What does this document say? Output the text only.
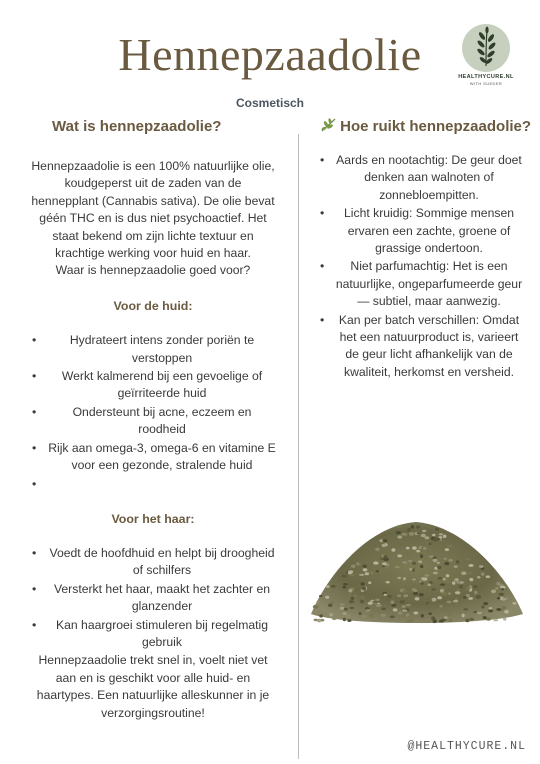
Hennepzaadolie	HEALTHYCURE.NL
WITH SUEDER
Cosmetisch
Wat is hennepzaadolie?	Hoe ruikt hennepzaadolie?

Hennepzaadolie is een 100% natuurlijke olie, koudgeperst uit de zaden van de hennepplant (Cannabis sativa). De olie bevat géén THC en is dus niet psychoactief. Het staat bekend om zijn lichte textuur en krachtige werking voor huid en haar.

Waar is hennepzaadolie goed voor?

Voor de huid:

• Hydrateert intens zonder poriën te verstoppen
• Werkt kalmerend bij een gevoelige of geïrriteerde huid
• Ondersteunt bij acne, eczeem en roodheid
• Rijk aan omega-3, omega-6 en vitamine E voor een gezonde, stralende huid
•

Voor het haar:

• Voedt de hoofdhuid en helpt bij droogheid of schilfers
• Versterkt het haar, maakt het zachter en glanzender
• Kan haargroei stimuleren bij regelmatig gebruik

Hennepzaadolie trekt snel in, voelt niet vet aan en is geschikt voor alle huid- en haartypes. Een natuurlijke alleskunner in je verzorgingsroutine!

• Aards en nootachtig: De geur doet denken aan walnoten of zonnebloempitten.
• Licht kruidig: Sommige mensen ervaren een zachte, groene of grassige ondertoon.
• Niet parfumachtig: Het is een natuurlijke, ongeparfumeerde geur — subtiel, maar aanwezig.
• Kan per batch verschillen: Omdat het een natuurproduct is, varieert de geur licht afhankelijk van de kwaliteit, herkomst en versheid.
@HEALTHYCURE.NL
